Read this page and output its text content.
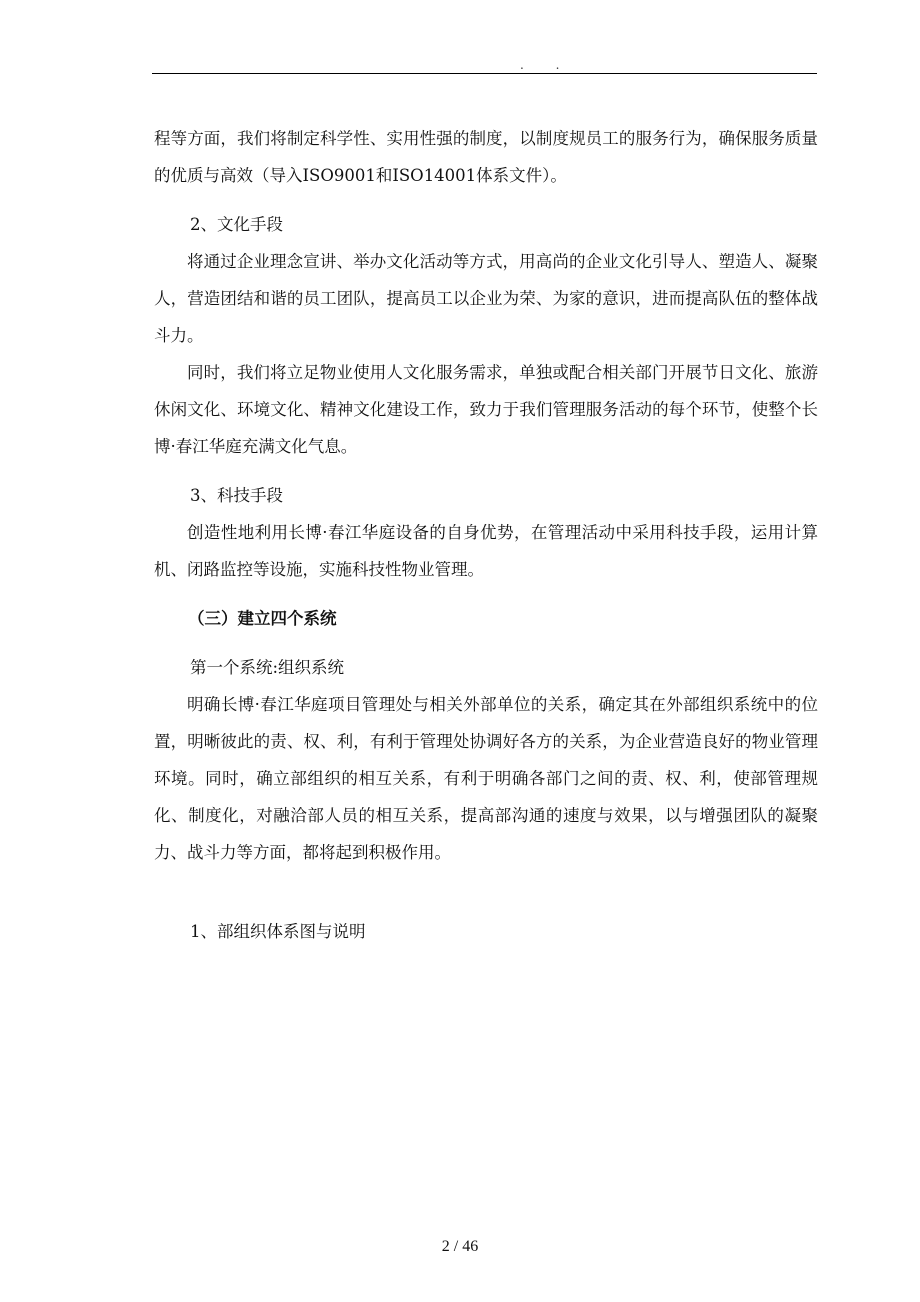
. .

程等方面，我们将制定科学性、实用性强的制度，以制度规员工的服务行为，确保服务质量的优质与高效（导入ISO9001和ISO14001体系文件）。

2、文化手段

将通过企业理念宣讲、举办文化活动等方式，用高尚的企业文化引导人、塑造人、凝聚人，营造团结和谐的员工团队，提高员工以企业为荣、为家的意识，进而提高队伍的整体战斗力。

同时，我们将立足物业使用人文化服务需求，单独或配合相关部门开展节日文化、旅游休闲文化、环境文化、精神文化建设工作，致力于我们管理服务活动的每个环节，使整个长博·春江华庭充满文化气息。

3、科技手段

创造性地利用长博·春江华庭设备的自身优势，在管理活动中采用科技手段，运用计算机、闭路监控等设施，实施科技性物业管理。

（三）建立四个系统
第一个系统:组织系统

明确长博·春江华庭项目管理处与相关外部单位的关系，确定其在外部组织系统中的位置，明晰彼此的责、权、利，有利于管理处协调好各方的关系，为企业营造良好的物业管理环境。同时，确立部组织的相互关系，有利于明确各部门之间的责、权、利，使部管理规化、制度化，对融洽部人员的相互关系，提高部沟通的速度与效果，以与增强团队的凝聚力、战斗力等方面，都将起到积极作用。

1、部组织体系图与说明
2 / 46
